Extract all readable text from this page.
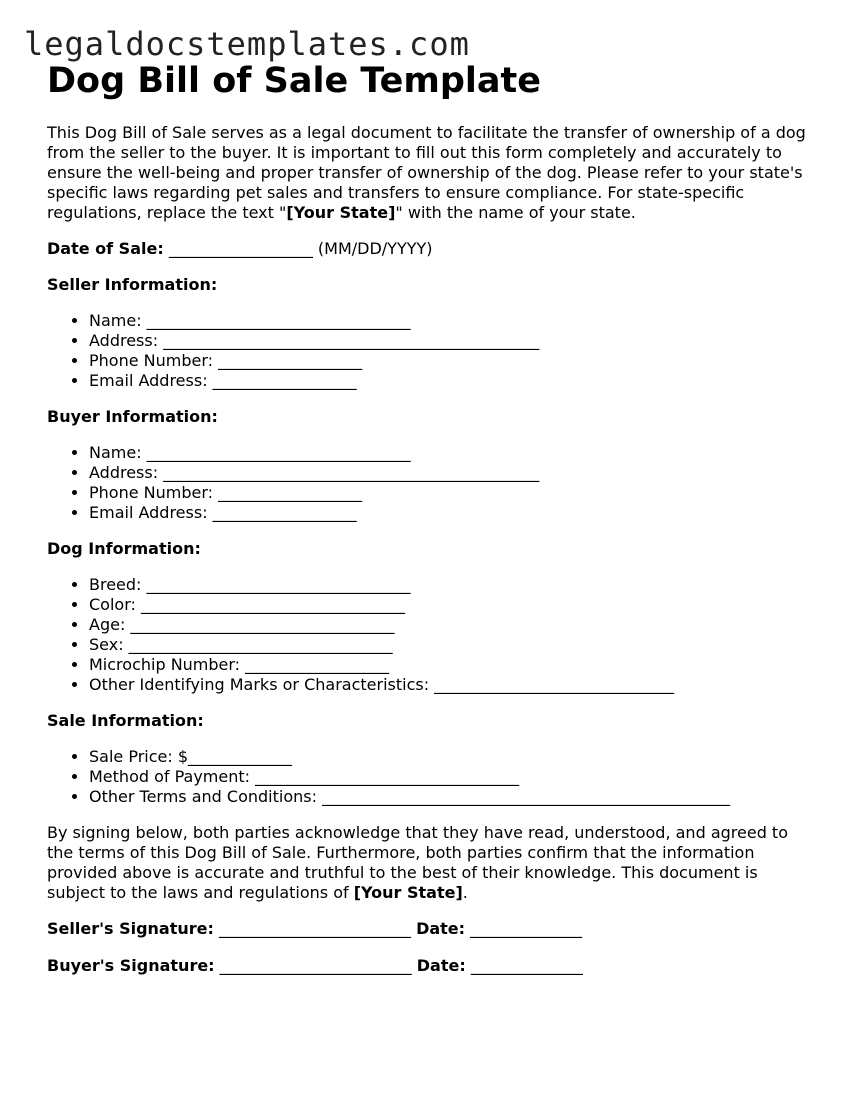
legaldocstemplates.com
Dog Bill of Sale Template

This Dog Bill of Sale serves as a legal document to facilitate the transfer of ownership of a dog from the seller to the buyer. It is important to fill out this form completely and accurately to ensure the well-being and proper transfer of ownership of the dog. Please refer to your state's specific laws regarding pet sales and transfers to ensure compliance. For state-specific regulations, replace the text "[Your State]" with the name of your state.

Date of Sale: __________________ (MM/DD/YYYY)

Seller Information:

• Name: _________________________________
• Address: _______________________________________________
• Phone Number: __________________
• Email Address: __________________

Buyer Information:

• Name: _________________________________
• Address: _______________________________________________
• Phone Number: __________________
• Email Address: __________________

Dog Information:

• Breed: _________________________________
• Color: _________________________________
• Age: _________________________________
• Sex: _________________________________
• Microchip Number: __________________
• Other Identifying Marks or Characteristics: ______________________________

Sale Information:

• Sale Price: $_____________
• Method of Payment: _________________________________
• Other Terms and Conditions: ___________________________________________________

By signing below, both parties acknowledge that they have read, understood, and agreed to the terms of this Dog Bill of Sale. Furthermore, both parties confirm that the information provided above is accurate and truthful to the best of their knowledge. This document is subject to the laws and regulations of [Your State].

Seller's Signature: ________________________ Date: ______________

Buyer's Signature: ________________________ Date: ______________
